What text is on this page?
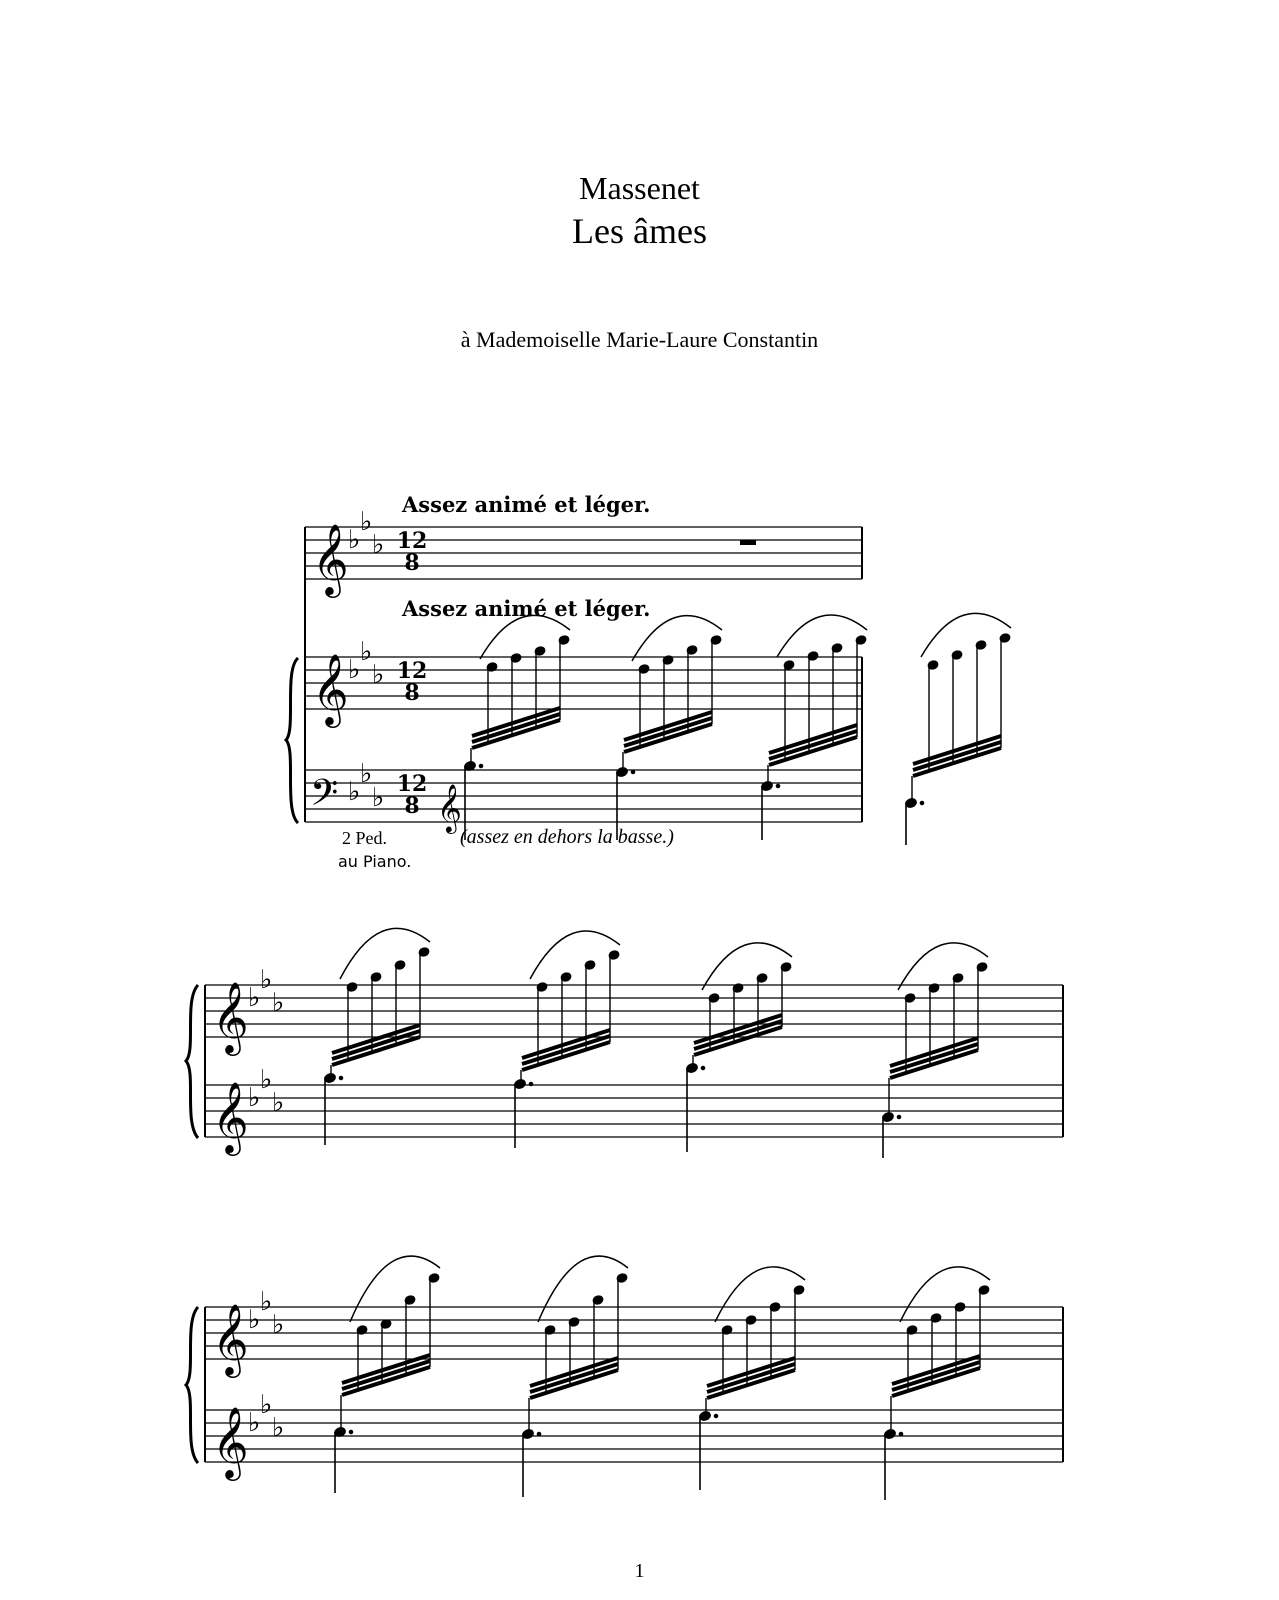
Massenet
Les âmes
à Mademoiselle Marie-Laure Constantin
Assez animé et léger.
Assez animé et léger.
(assez en dehors la basse.)
2 Ped.
au Piano.
𝄞
𝄞
𝄞
𝄞
𝄞
𝄞
𝄢 𝄞
♭
♭
♭
♭
♭
♭
♭
♭
♭
♭
♭
♭
♭
♭
♭
♭
♭
♭
♭
♭
♭
12
8
12
8
12
8
1
